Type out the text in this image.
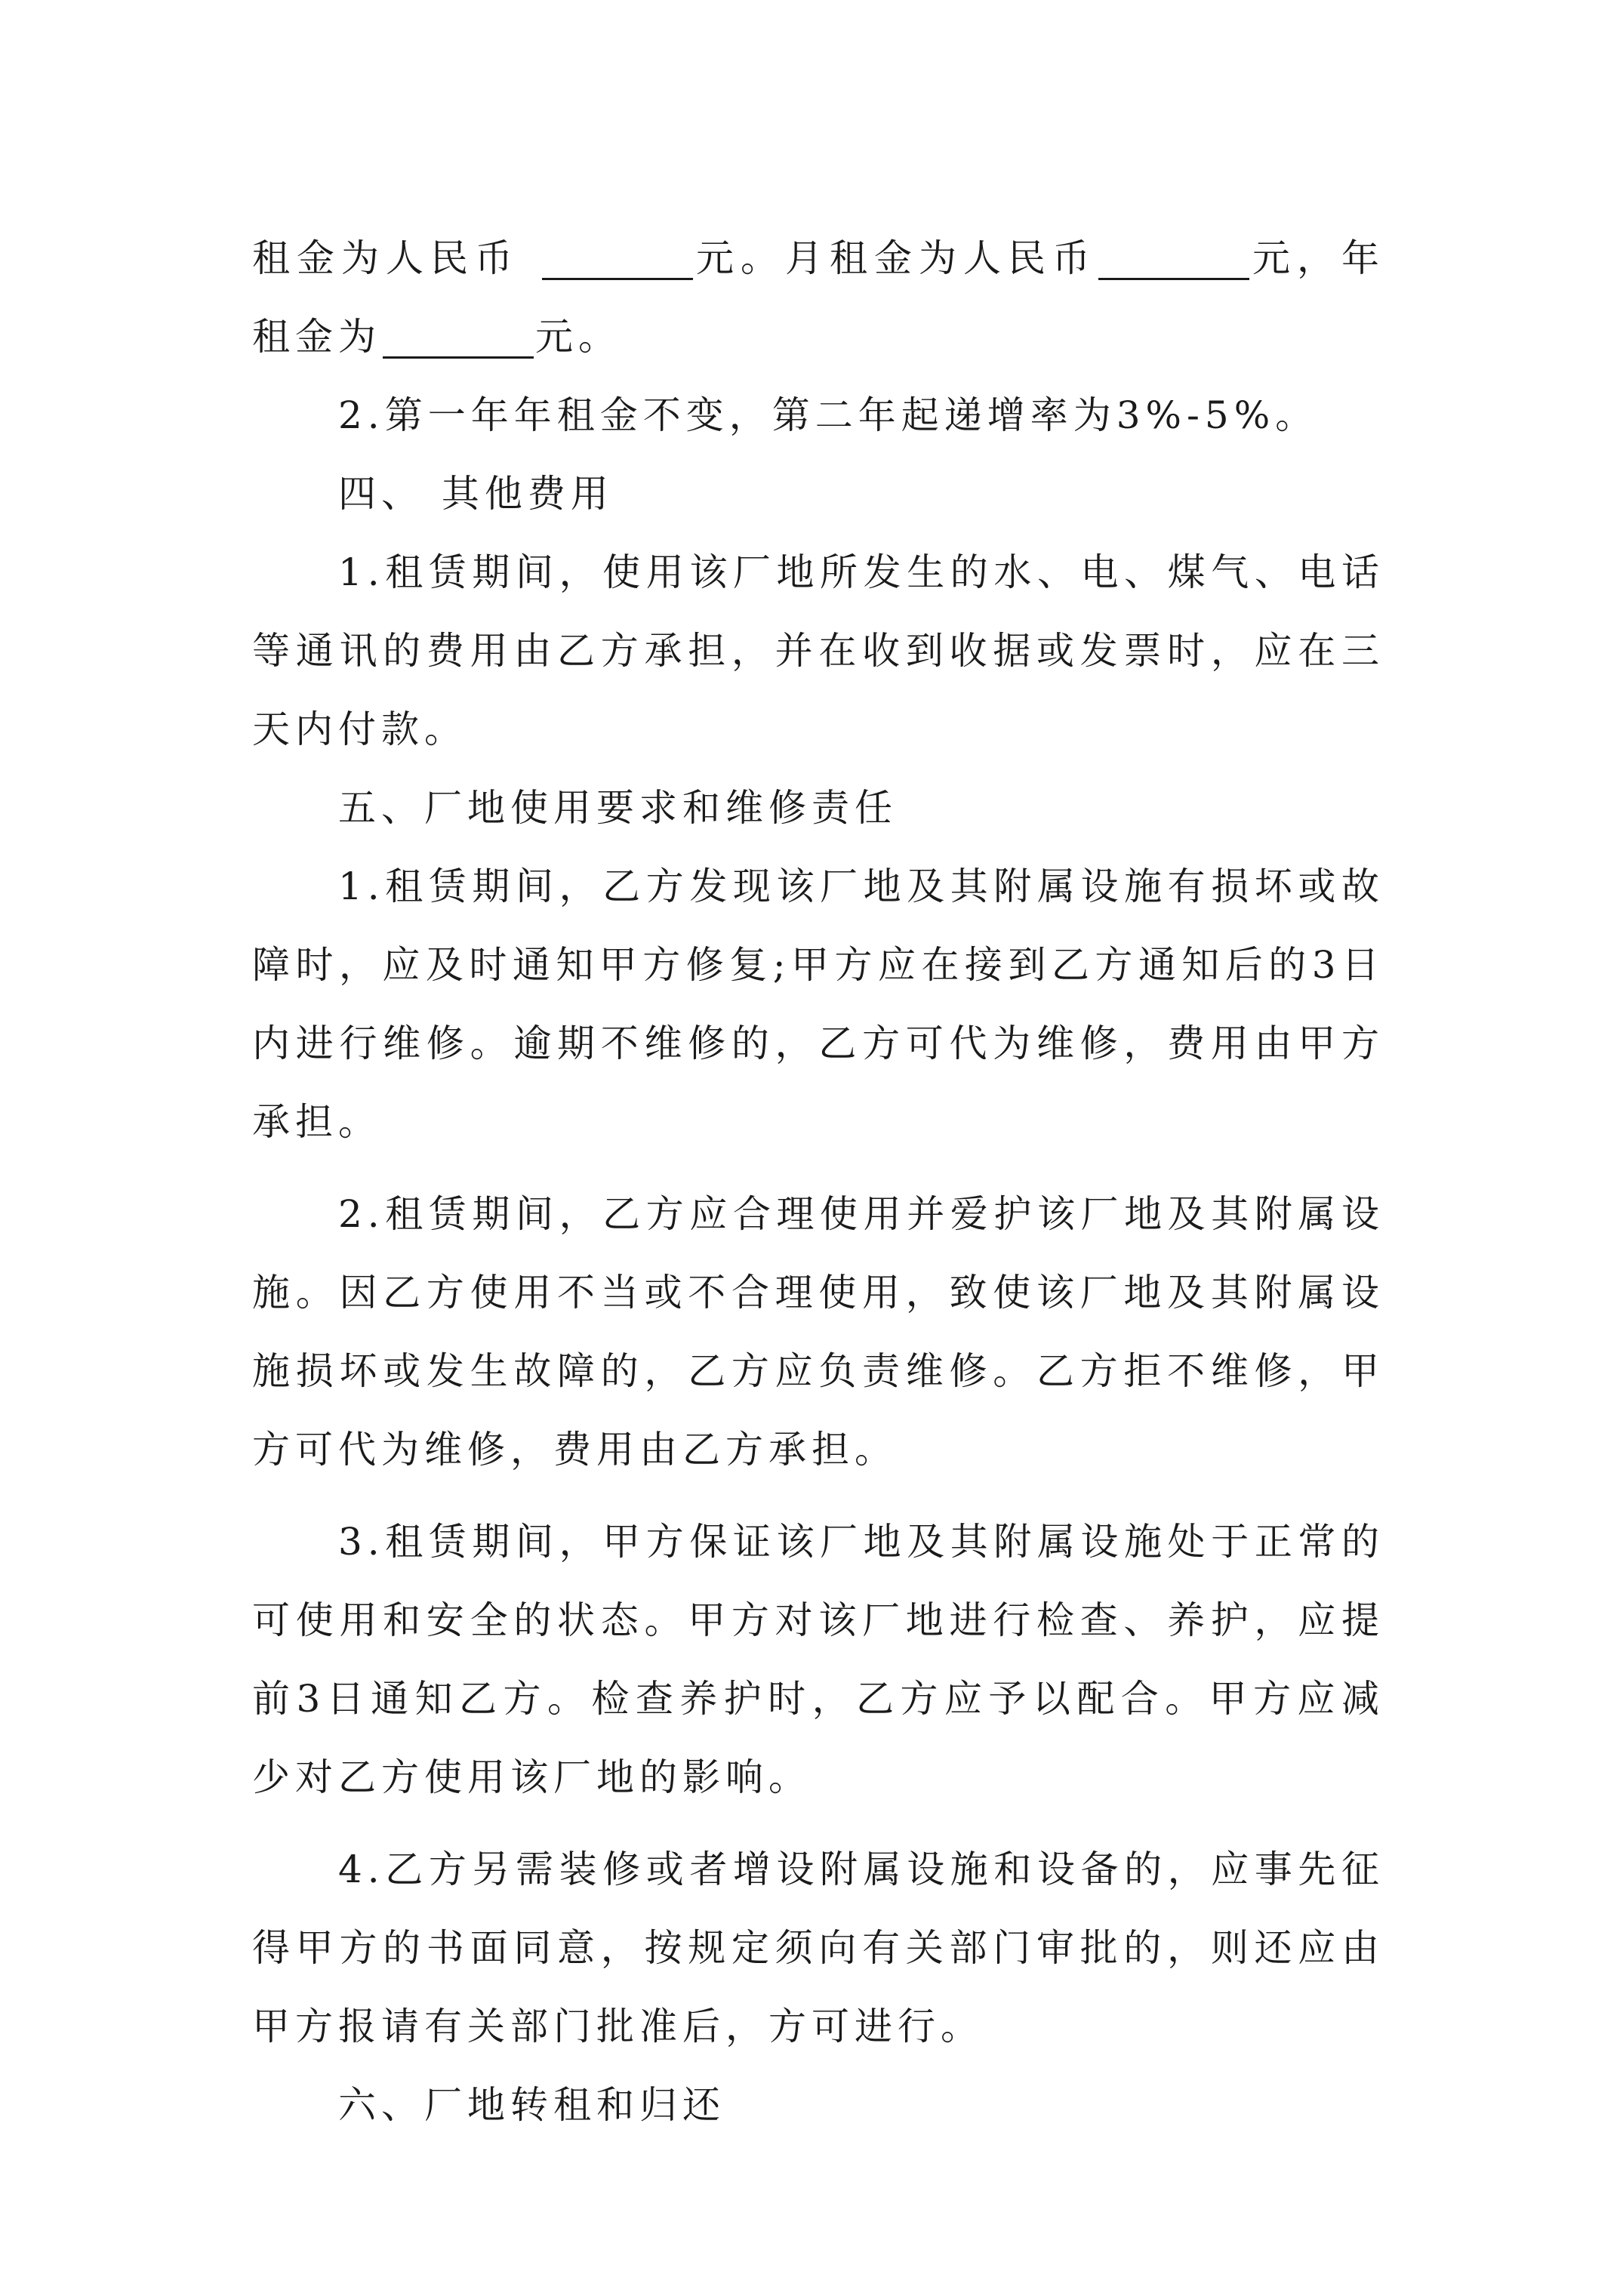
租金为人民币	元。月租金为人民币	元，年租金为	元。

2.第一年年租金不变，第二年起递增率为3%-5%。

四、 其他费用

1.租赁期间，使用该厂地所发生的水、电、煤气、电话等通讯的费用由乙方承担，并在收到收据或发票时，应在三天内付款。

五、厂地使用要求和维修责任

1.租赁期间，乙方发现该厂地及其附属设施有损坏或故障时，应及时通知甲方修复;甲方应在接到乙方通知后的3日内进行维修。逾期不维修的，乙方可代为维修，费用由甲方承担。

2.租赁期间，乙方应合理使用并爱护该厂地及其附属设施。因乙方使用不当或不合理使用，致使该厂地及其附属设施损坏或发生故障的，乙方应负责维修。乙方拒不维修，甲方可代为维修，费用由乙方承担。

3.租赁期间，甲方保证该厂地及其附属设施处于正常的可使用和安全的状态。甲方对该厂地进行检查、养护，应提前3日通知乙方。检查养护时，乙方应予以配合。甲方应减少对乙方使用该厂地的影响。

4.乙方另需装修或者增设附属设施和设备的，应事先征得甲方的书面同意，按规定须向有关部门审批的，则还应由甲方报请有关部门批准后，方可进行。

六、厂地转租和归还
